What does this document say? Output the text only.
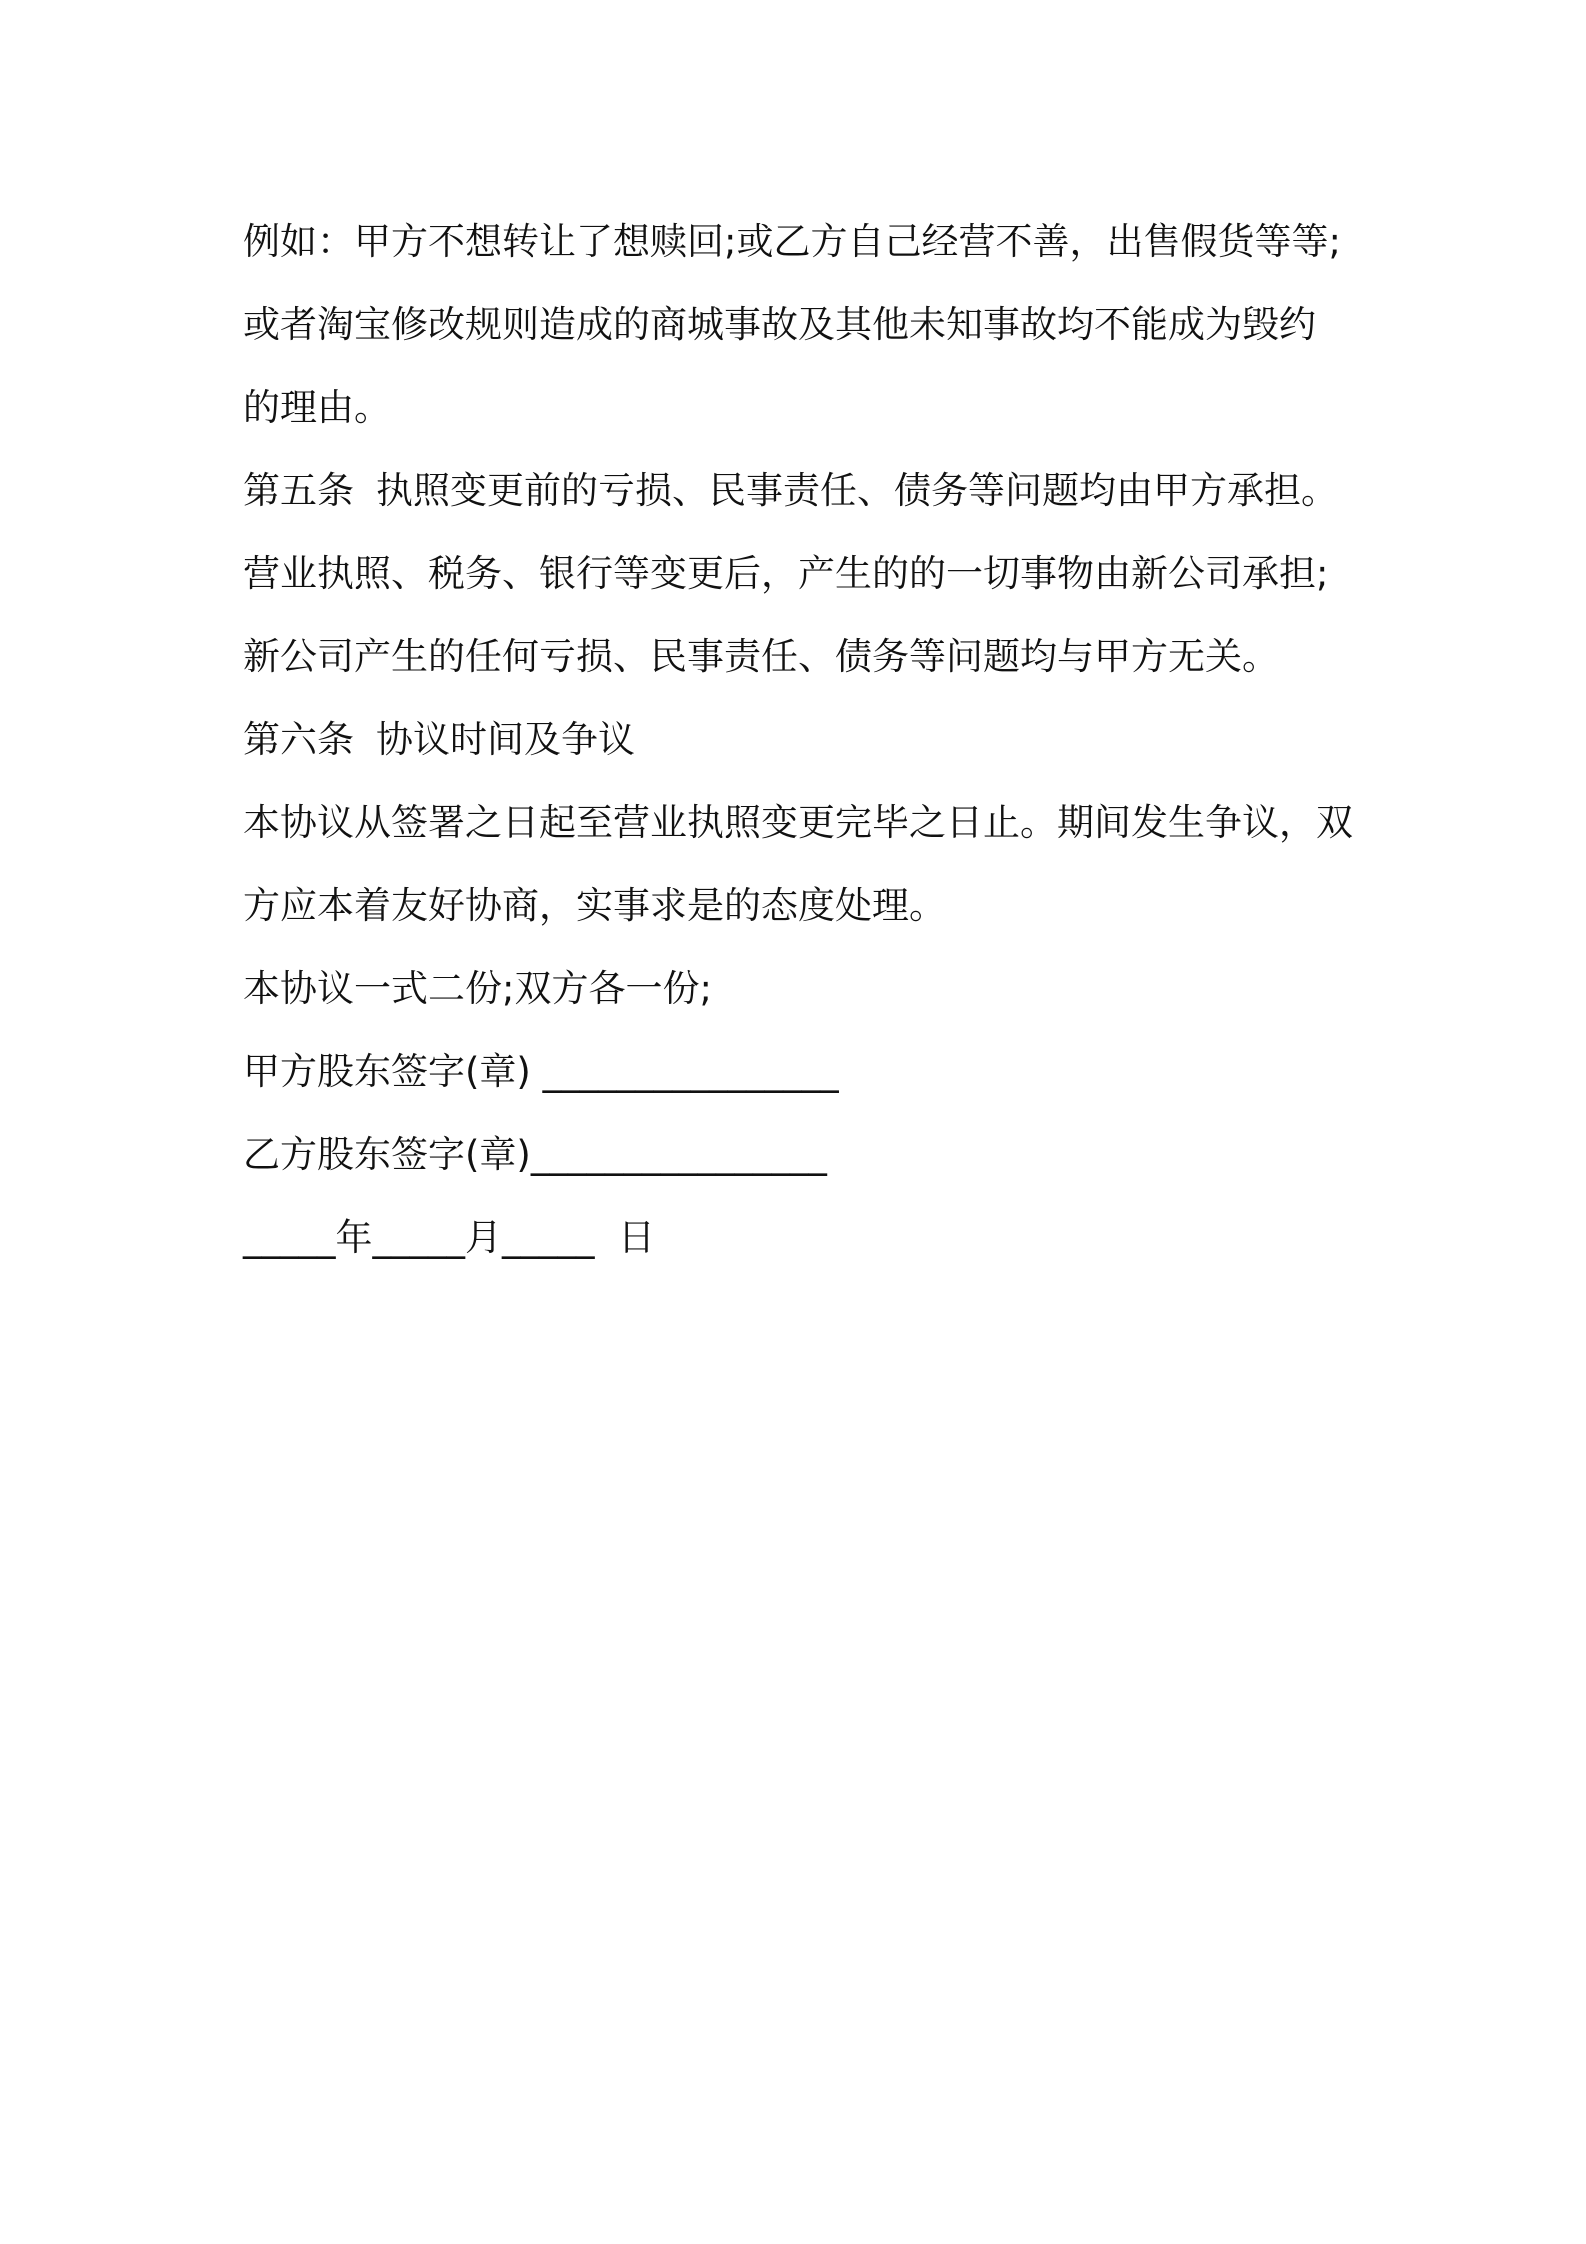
例如：甲方不想转让了想赎回;或乙方自己经营不善，出售假货等等;

或者淘宝修改规则造成的商城事故及其他未知事故均不能成为毁约

的理由。

第五条 执照变更前的亏损、民事责任、债务等问题均由甲方承担。

营业执照、税务、银行等变更后，产生的的一切事物由新公司承担;

新公司产生的任何亏损、民事责任、债务等问题均与甲方无关。

第六条 协议时间及争议

本协议从签署之日起至营业执照变更完毕之日止。期间发生争议，双

方应本着友好协商，实事求是的态度处理。

本协议一式二份;双方各一份;

甲方股东签字(章) ________________

乙方股东签字(章)________________

_____年_____月_____  日
